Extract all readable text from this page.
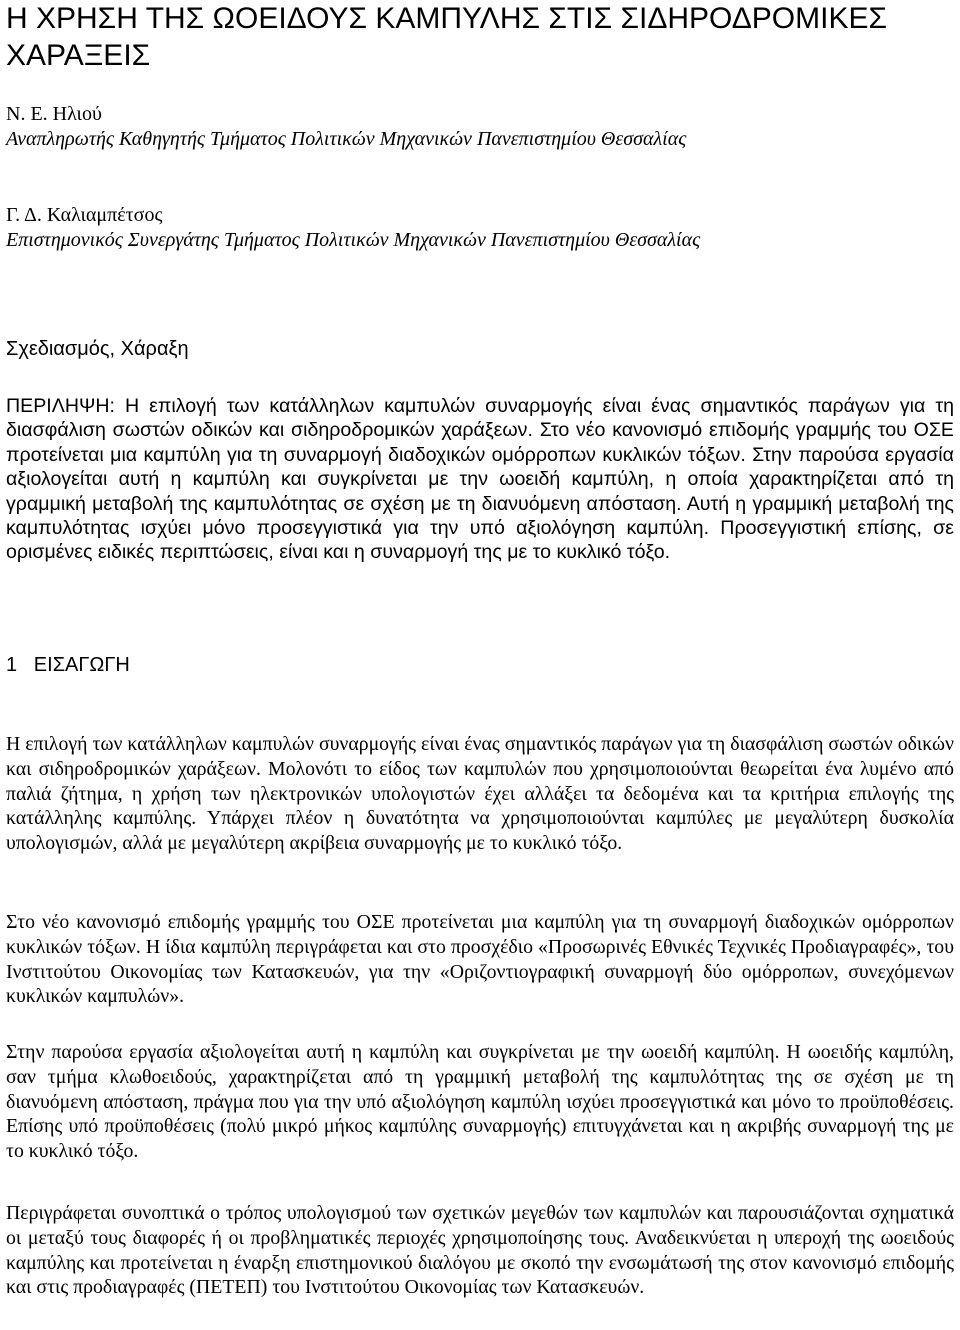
Η ΧΡΗΣΗ ΤΗΣ ΩΟΕΙΔΟΥΣ ΚΑΜΠΥΛΗΣ ΣΤΙΣ ΣΙΔΗΡΟΔΡΟΜΙΚΕΣ ΧΑΡΑΞΕΙΣ
Ν. Ε. Ηλιού
Αναπληρωτής Καθηγητής Τμήματος Πολιτικών Μηχανικών Πανεπιστημίου Θεσσαλίας
Γ. Δ. Καλιαμπέτσος
Επιστημονικός Συνεργάτης Τμήματος Πολιτικών Μηχανικών Πανεπιστημίου Θεσσαλίας
Σχεδιασμός, Χάραξη
ΠΕΡΙΛΗΨΗ: Η επιλογή των κατάλληλων καμπυλών συναρμογής είναι ένας σημαντικός παράγων για τη διασφάλιση σωστών οδικών και σιδηροδρομικών χαράξεων. Στο νέο κανονισμό επιδομής γραμμής του ΟΣΕ προτείνεται μια καμπύλη για τη συναρμογή διαδοχικών ομόρροπων κυκλικών τόξων. Στην παρούσα εργασία αξιολογείται αυτή η καμπύλη και συγκρίνεται με την ωοειδή καμπύλη, η οποία χαρακτηρίζεται από τη γραμμική μεταβολή της καμπυλότητας σε σχέση με τη διανυόμενη απόσταση. Αυτή η γραμμική μεταβολή της καμπυλότητας ισχύει μόνο προσεγγιστικά για την υπό αξιολόγηση καμπύλη. Προσεγγιστική επίσης, σε ορισμένες ειδικές περιπτώσεις, είναι και η συναρμογή της με το κυκλικό τόξο.
1 ΕΙΣΑΓΩΓΗ

Η επιλογή των κατάλληλων καμπυλών συναρμογής είναι ένας σημαντικός παράγων για τη διασφάλιση σωστών οδικών και σιδηροδρομικών χαράξεων. Μολονότι το είδος των καμπυλών που χρησιμοποιούνται θεωρείται ένα λυμένο από παλιά ζήτημα, η χρήση των ηλεκτρονικών υπολογιστών έχει αλλάξει τα δεδομένα και τα κριτήρια επιλογής της κατάλληλης καμπύλης. Υπάρχει πλέον η δυνατότητα να χρησιμοποιούνται καμπύλες με μεγαλύτερη δυσκολία υπολογισμών, αλλά με μεγαλύτερη ακρίβεια συναρμογής με το κυκλικό τόξο.

Στο νέο κανονισμό επιδομής γραμμής του ΟΣΕ προτείνεται μια καμπύλη για τη συναρμογή διαδοχικών ομόρροπων κυκλικών τόξων. Η ίδια καμπύλη περιγράφεται και στο προσχέδιο «Προσωρινές Εθνικές Τεχνικές Προδιαγραφές», του Ινστιτούτου Οικονομίας των Κατασκευών, για την «Οριζοντιογραφική συναρμογή δύο ομόρροπων, συνεχόμενων κυκλικών καμπυλών».

Στην παρούσα εργασία αξιολογείται αυτή η καμπύλη και συγκρίνεται με την ωοειδή καμπύλη. Η ωοειδής καμπύλη, σαν τμήμα κλωθοειδούς, χαρακτηρίζεται από τη γραμμική μεταβολή της καμπυλότητας της σε σχέση με τη διανυόμενη απόσταση, πράγμα που για την υπό αξιολόγηση καμπύλη ισχύει προσεγγιστικά και μόνο το προϋποθέσεις. Επίσης υπό προϋποθέσεις (πολύ μικρό μήκος καμπύλης συναρμογής) επιτυγχάνεται και η ακριβής συναρμογή της με το κυκλικό τόξο.

Περιγράφεται συνοπτικά ο τρόπος υπολογισμού των σχετικών μεγεθών των καμπυλών και παρουσιάζονται σχηματικά οι μεταξύ τους διαφορές ή οι προβληματικές περιοχές χρησιμοποίησης τους. Αναδεικνύεται η υπεροχή της ωοειδούς καμπύλης και προτείνεται η έναρξη επιστημονικού διαλόγου με σκοπό την ενσωμάτωσή της στον κανονισμό επιδομής και στις προδιαγραφές (ΠΕΤΕΠ) του Ινστιτούτου Οικονομίας των Κατασκευών.
